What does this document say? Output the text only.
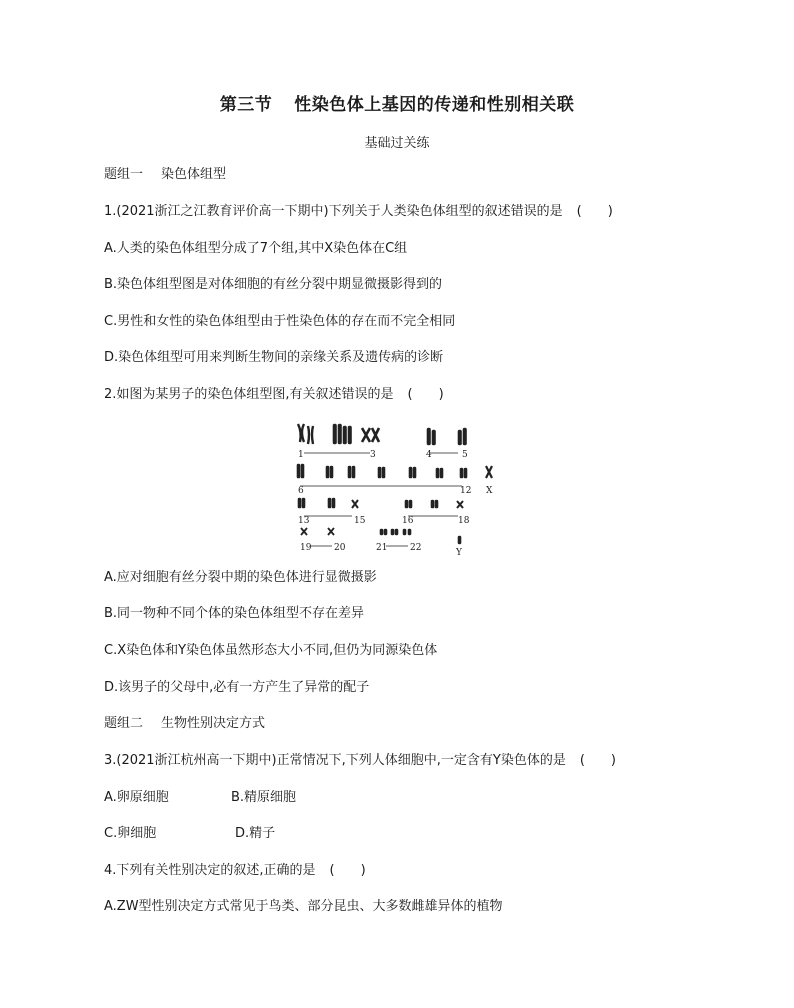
第三节 性染色体上基因的传递和性别相关联
基础过关练
题组一 染色体组型
1.(2021浙江之江教育评价高一下期中)下列关于人类染色体组型的叙述错误的是 (　　)
A.人类的染色体组型分成了7个组,其中X染色体在C组
B.染色体组型图是对体细胞的有丝分裂中期显微摄影得到的
C.男性和女性的染色体组型由于性染色体的存在而不完全相同
D.染色体组型可用来判断生物间的亲缘关系及遗传病的诊断
2.如图为某男子的染色体组型图,有关叙述错误的是 (　　)
1	3	4	5
6	12 X
13	15	16	18
19	20	21	22	Y
A.应对细胞有丝分裂中期的染色体进行显微摄影
B.同一物种不同个体的染色体组型不存在差异
C.X染色体和Y染色体虽然形态大小不同,但仍为同源染色体
D.该男子的父母中,必有一方产生了异常的配子
题组二 生物性别决定方式
3.(2021浙江杭州高一下期中)正常情况下,下列人体细胞中,一定含有Y染色体的是 (　　)
A.卵原细胞	B.精原细胞
C.卵细胞	D.精子
4.下列有关性别决定的叙述,正确的是 (　　)
A.ZW型性别决定方式常见于鸟类、部分昆虫、大多数雌雄异体的植物
